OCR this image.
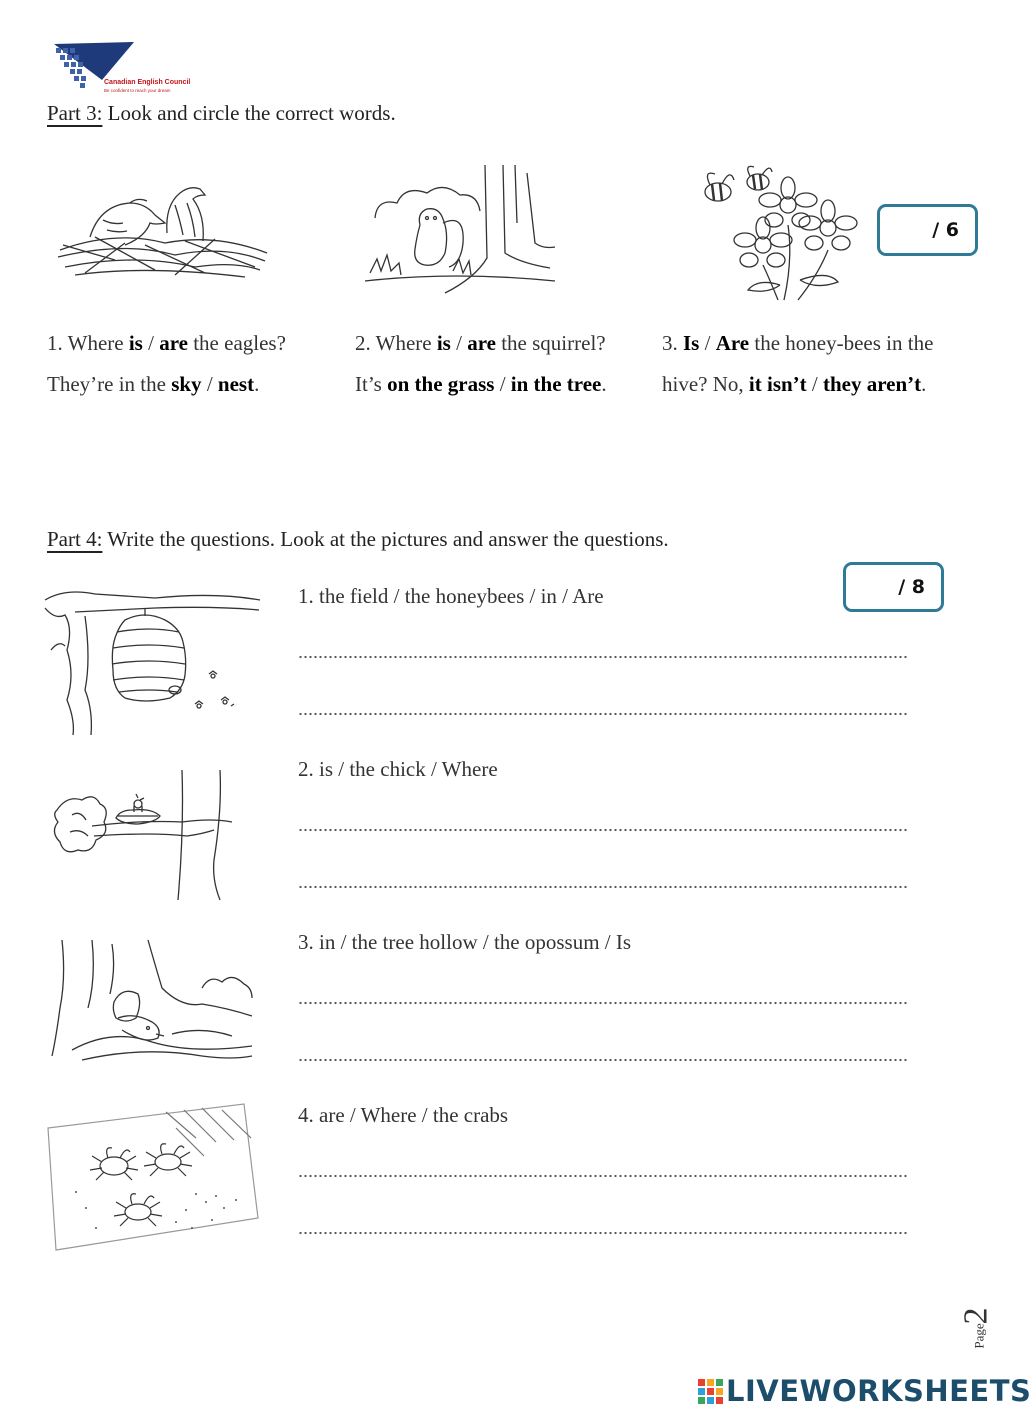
Canadian English Council
Be confident to reach your dream
Part 3: Look and circle the correct words.
/ 6
1. Where is / are the eagles?
They’re in the sky / nest.
2. Where is / are the squirrel?
It’s on the grass / in the tree.
3. Is / Are the honey-bees in the hive? No, it isn’t / they aren’t.
Part 4: Write the questions. Look at the pictures and answer the questions.
/ 8
1. the field / the honeybees / in / Are
2. is / the chick / Where
3. in / the tree hollow / the opossum / Is
4. are / Where / the crabs
Page
2
LIVEWORKSHEETS
